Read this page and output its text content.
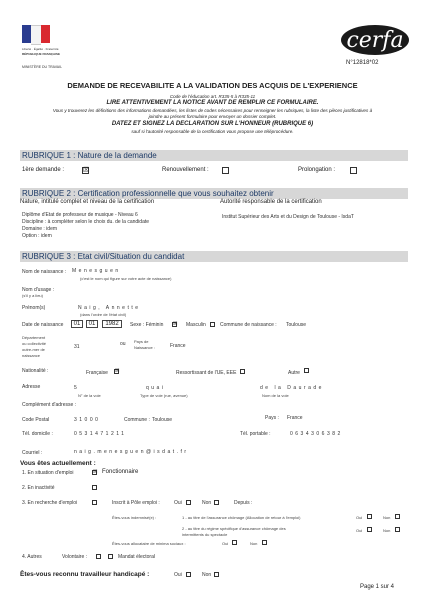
Liberté · Égalité · Fraternité
RÉPUBLIQUE FRANÇAISE
MINISTÈRE DU TRAVAIL
cerfa
N°12818*02
DEMANDE DE RECEVABILITE A LA VALIDATION DES ACQUIS DE L'EXPERIENCE
Code de l'éducation art. R335-5 à R335-11
LIRE ATTENTIVEMENT LA NOTICE AVANT DE REMPLIR CE FORMULAIRE.
Vous y trouverez les définitions des informations demandées, les listes de codes nécessaires pour renseigner les rubriques, la liste des pièces justificatives à
joindre au présent formulaire pour envoyer un dossier complet.
DATEZ ET SIGNEZ LA DECLARATION SUR L'HONNEUR (RUBRIQUE 6)
sauf si l'autorité responsable de la certification vous propose une téléprocédure.
RUBRIQUE 1 : Nature de la demande
1ère demande :	☒	Renouvellement :	Prolongation :
RUBRIQUE 2 : Certification professionnelle que vous souhaitez obtenir
Nature, intitulé complet et niveau de la certification	Autorité responsable de la certification
Diplôme d'Etat de professeur de musique - Niveau 6
Discipline : à compléter selon le choix du. de la candidate
Domaine : idem
Option : idem
Institut Supérieur des Arts et du Design de Toulouse - IsdaT
RUBRIQUE 3 : Etat civil/Situation du candidat
Nom de naissance : Menesguen
(c'est le nom qui figure sur votre acte de naissance)
Nom d'usage :
(s'il y a lieu)
Prénom(s)	Naig, Annette
(dans l'ordre de l'état civil)
Date de naissance	01	01	1982	Sexe : Féminin ☒ Masculin	Commune de naissance : Toulouse
Département
ou collectivité
outre-mer de
naissance
31	ou Pays de
Naissance :	France
Nationalité :	Française ☒	Ressortissant de l'UE, EEE	Autre
Adresse	5	quai	de la Daurade
N° de la voie	Type de voie (rue, avenue)	Nom de la voie
Complément d'adresse :
Code Postal	31000	Commune : Toulouse	Pays : France
Tél. domicile :	0531471211	Tél. portable :	0634306382
Courriel :	naig.menesguen@isdat.fr
Vous êtes actuellement :
1. En situation d'emploi	☒ Fonctionnaire
2. En inactivité
3. En recherche d'emploi	Inscrit à Pôle emploi :	Oui	Non	Depuis :
Êtes-vous indemnisé(e) :	1 - au titre de l'assurance chômage (Allocation de retour à l'emploi)	Oui	Non
2 - au titre du régime spécifique d'assurance chômage des
intermittents du spectacle
Oui	Non
Êtes-vous allocataire de minima sociaux :	Oui	Non
4. Autres	Volontaire :	Mandat électoral
Êtes-vous reconnu travailleur handicapé :	Oui	Non
Page 1 sur 4
